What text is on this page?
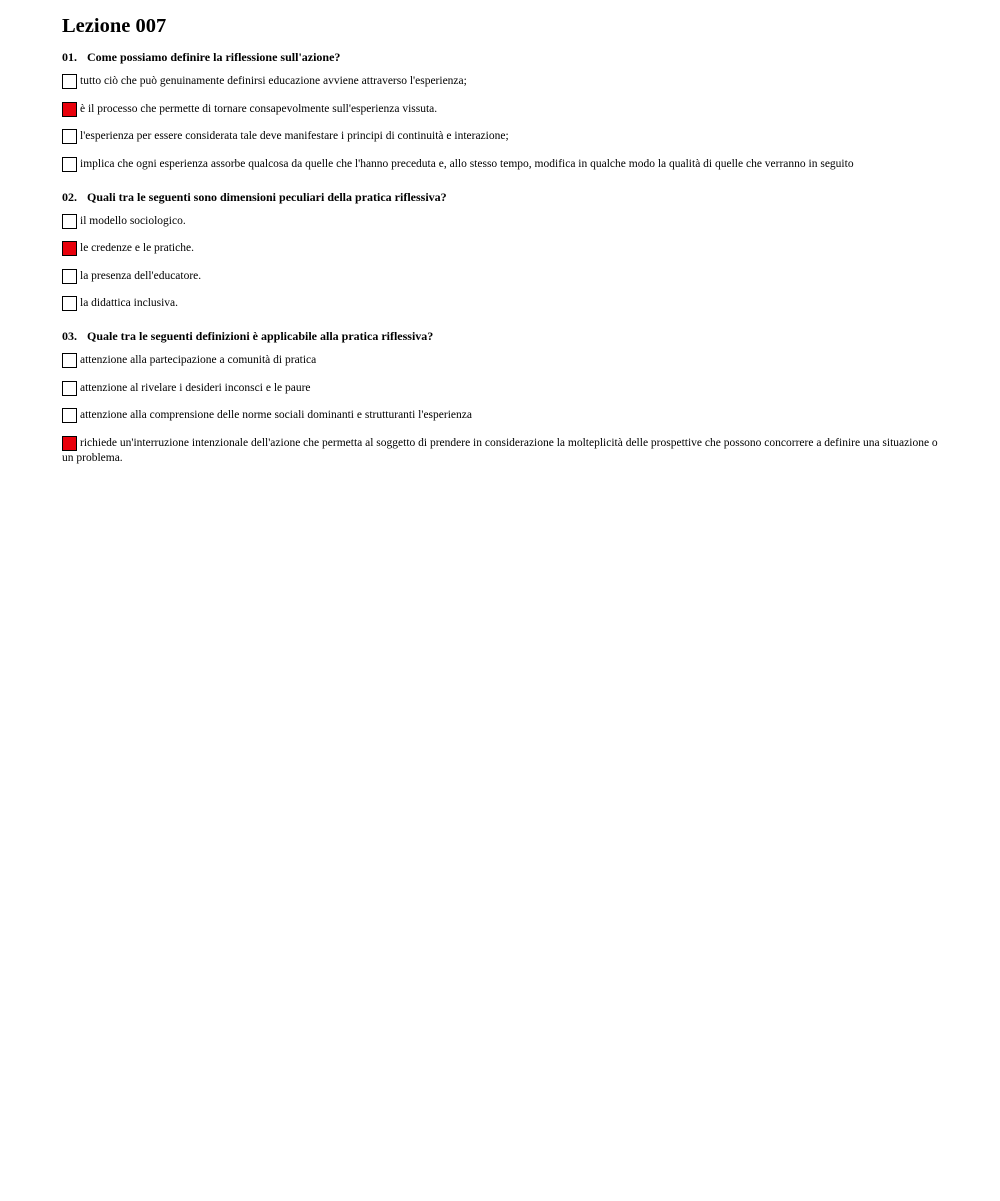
Lezione 007
01. Come possiamo definire la riflessione sull'azione?
tutto ciò che può genuinamente definirsi educazione avviene attraverso l'esperienza;
è il processo che permette di tornare consapevolmente sull'esperienza vissuta.
l'esperienza per essere considerata tale deve manifestare i principi di continuità e interazione;
implica che ogni esperienza assorbe qualcosa da quelle che l'hanno preceduta e, allo stesso tempo, modifica in qualche modo la qualità di quelle che verranno in seguito
02. Quali tra le seguenti sono dimensioni peculiari della pratica riflessiva?
il modello sociologico.
le credenze e le pratiche.
la presenza dell'educatore.
la didattica inclusiva.
03. Quale tra le seguenti definizioni è applicabile alla pratica riflessiva?
attenzione alla partecipazione a comunità di pratica
attenzione al rivelare i desideri inconsci e le paure
attenzione alla comprensione delle norme sociali dominanti e strutturanti l'esperienza
richiede un'interruzione intenzionale dell'azione che permetta al soggetto di prendere in considerazione la molteplicità delle prospettive che possono concorrere a definire una situazione o un problema.
